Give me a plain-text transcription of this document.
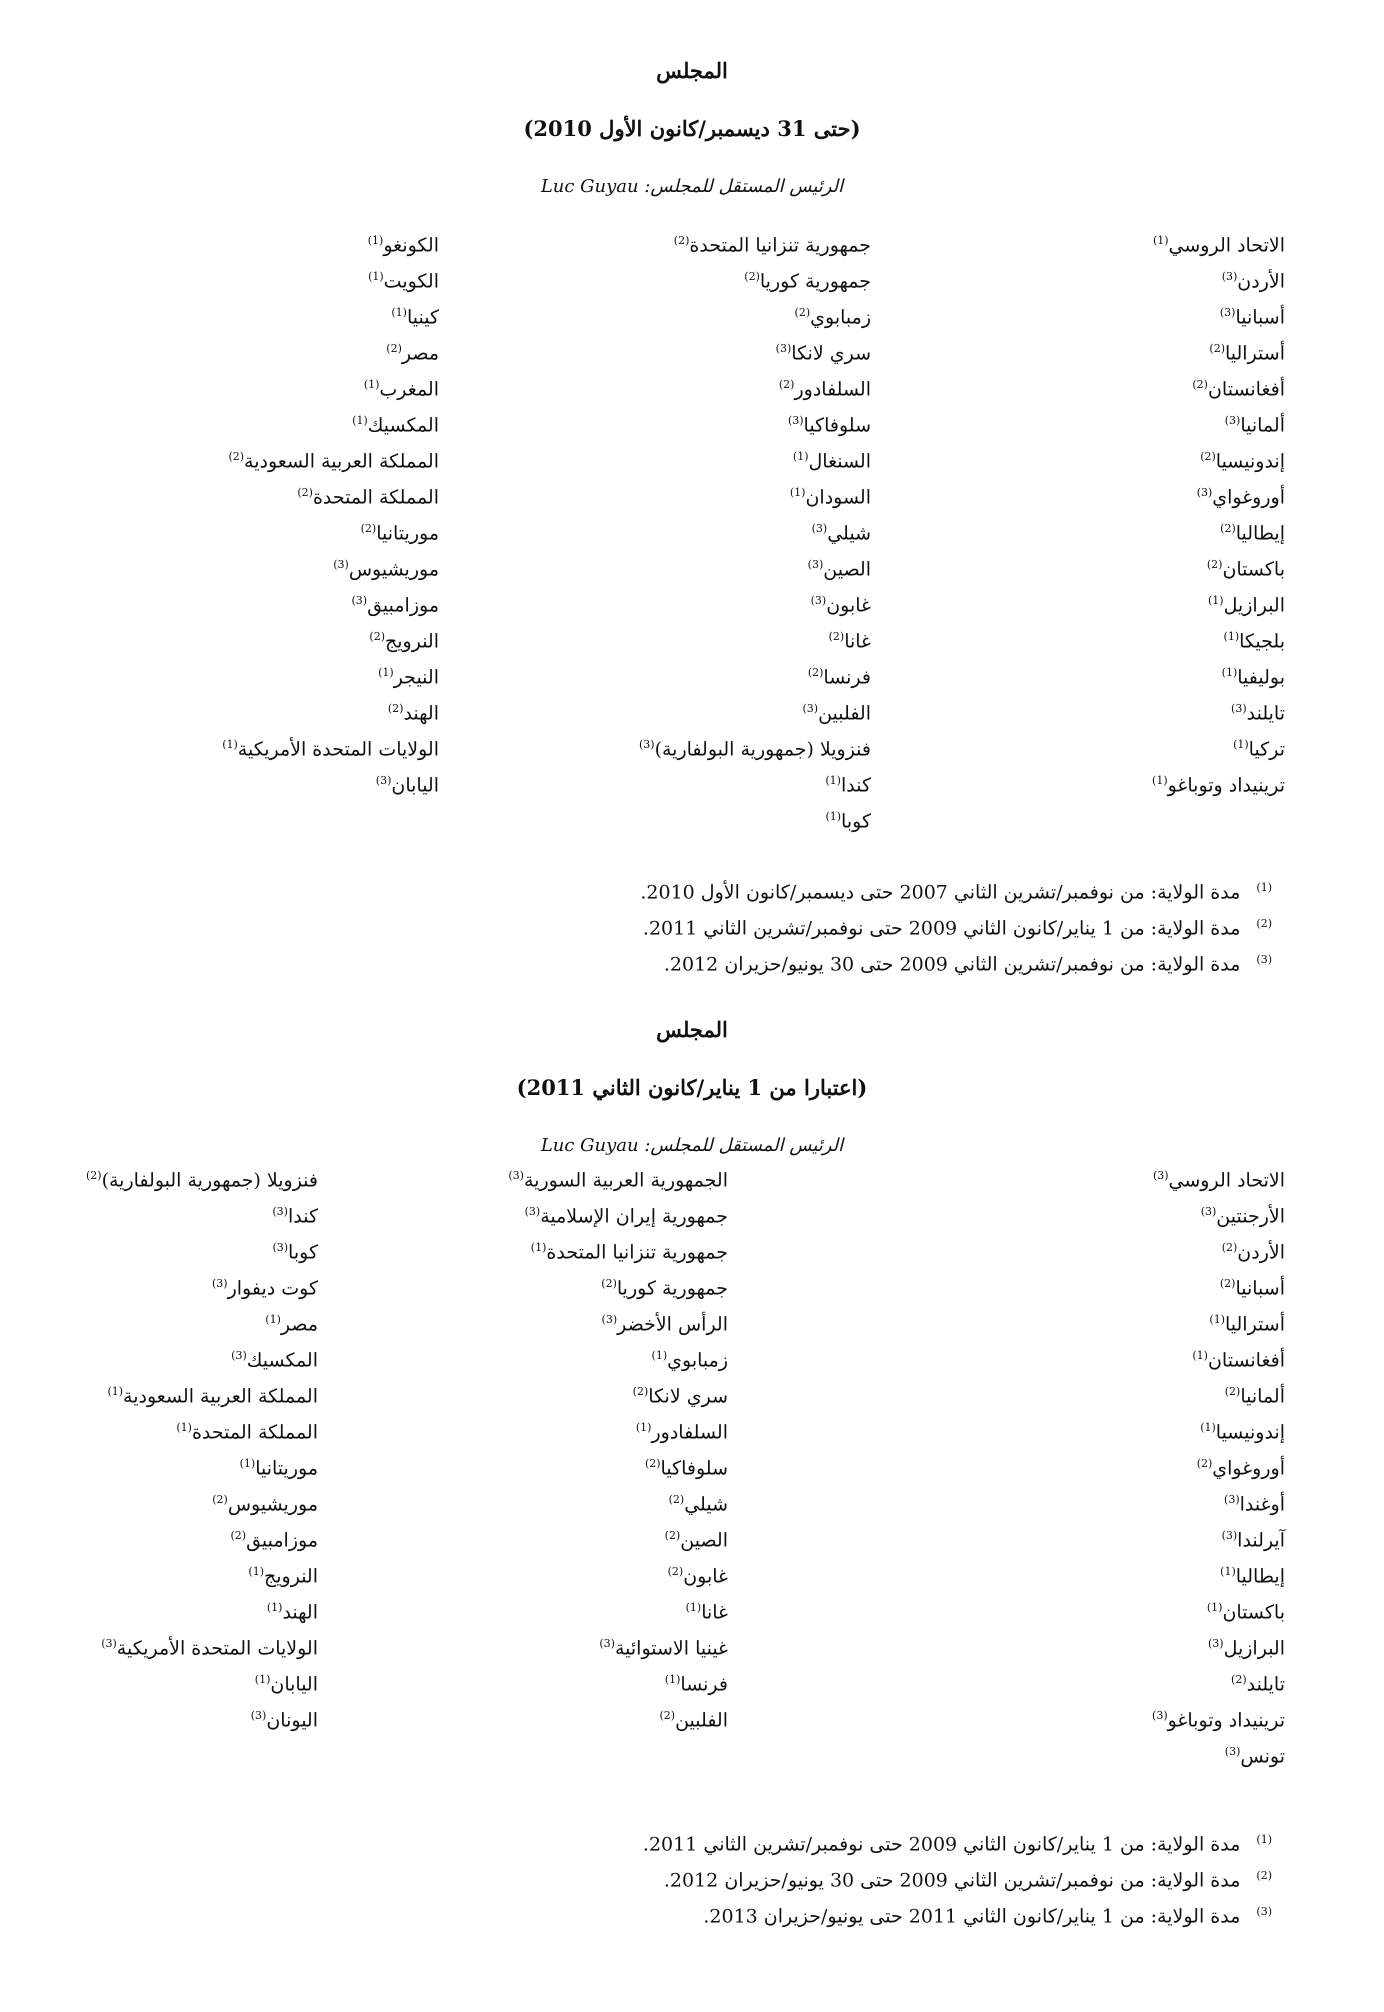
المجلس
(حتى 31 ديسمبر/كانون الأول 2010)
الرئيس المستقل للمجلس: Luc Guyau
الاتحاد الروسي$^{(1)}$
الأردن$^{(3)}$
أسبانيا$^{(3)}$
أستراليا$^{(2)}$
أفغانستان$^{(2)}$
ألمانيا$^{(3)}$
إندونيسيا$^{(2)}$
أوروغواي$^{(3)}$
إيطاليا$^{(2)}$
باكستان$^{(2)}$
البرازيل$^{(1)}$
بلجيكا$^{(1)}$
بوليفيا$^{(1)}$
تايلند$^{(3)}$
تركيا$^{(1)}$
ترينيداد وتوباغو$^{(1)}$
جمهورية تنزانيا المتحدة$^{(2)}$
جمهورية كوريا$^{(2)}$
زمبابوي$^{(2)}$
سري لانكا$^{(3)}$
السلفادور$^{(2)}$
سلوفاكيا$^{(3)}$
السنغال$^{(1)}$
السودان$^{(1)}$
شيلي$^{(3)}$
الصين$^{(3)}$
غابون$^{(3)}$
غانا$^{(2)}$
فرنسا$^{(2)}$
الفلبين$^{(3)}$
فنزويلا (جمهورية البولفارية)$^{(3)}$
كندا$^{(1)}$
كوبا$^{(1)}$
الكونغو$^{(1)}$
الكويت$^{(1)}$
كينيا$^{(1)}$
مصر$^{(2)}$
المغرب$^{(1)}$
المكسيك$^{(1)}$
المملكة العربية السعودية$^{(2)}$
المملكة المتحدة$^{(2)}$
موريتانيا$^{(2)}$
موريشيوس$^{(3)}$
موزامبيق$^{(3)}$
النرويج$^{(2)}$
النيجر$^{(1)}$
الهند$^{(2)}$
الولايات المتحدة الأمريكية$^{(1)}$
اليابان$^{(3)}$
$^{(1)}$مدة الولاية: من نوفمبر/تشرين الثاني 2007 حتى ديسمبر/كانون الأول 2010.
$^{(2)}$مدة الولاية: من 1 يناير/كانون الثاني 2009 حتى نوفمبر/تشرين الثاني 2011.
$^{(3)}$مدة الولاية: من نوفمبر/تشرين الثاني 2009 حتى 30 يونيو/حزيران 2012.
المجلس
(اعتبارا من 1 يناير/كانون الثاني 2011)
الرئيس المستقل للمجلس: Luc Guyau
الاتحاد الروسي$^{(3)}$
الأرجنتين$^{(3)}$
الأردن$^{(2)}$
أسبانيا$^{(2)}$
أستراليا$^{(1)}$
أفغانستان$^{(1)}$
ألمانيا$^{(2)}$
إندونيسيا$^{(1)}$
أوروغواي$^{(2)}$
أوغندا$^{(3)}$
آيرلندا$^{(3)}$
إيطاليا$^{(1)}$
باكستان$^{(1)}$
البرازيل$^{(3)}$
تايلند$^{(2)}$
ترينيداد وتوباغو$^{(3)}$
تونس$^{(3)}$
الجمهورية العربية السورية$^{(3)}$
جمهورية إيران الإسلامية$^{(3)}$
جمهورية تنزانيا المتحدة$^{(1)}$
جمهورية كوريا$^{(2)}$
الرأس الأخضر$^{(3)}$
زمبابوي$^{(1)}$
سري لانكا$^{(2)}$
السلفادور$^{(1)}$
سلوفاكيا$^{(2)}$
شيلي$^{(2)}$
الصين$^{(2)}$
غابون$^{(2)}$
غانا$^{(1)}$
غينيا الاستوائية$^{(3)}$
فرنسا$^{(1)}$
الفلبين$^{(2)}$
فنزويلا (جمهورية البولفارية)$^{(2)}$
كندا$^{(3)}$
كوبا$^{(3)}$
كوت ديفوار$^{(3)}$
مصر$^{(1)}$
المكسيك$^{(3)}$
المملكة العربية السعودية$^{(1)}$
المملكة المتحدة$^{(1)}$
موريتانيا$^{(1)}$
موريشيوس$^{(2)}$
موزامبيق$^{(2)}$
النرويج$^{(1)}$
الهند$^{(1)}$
الولايات المتحدة الأمريكية$^{(3)}$
اليابان$^{(1)}$
اليونان$^{(3)}$
$^{(1)}$مدة الولاية: من 1 يناير/كانون الثاني 2009 حتى نوفمبر/تشرين الثاني 2011.
$^{(2)}$مدة الولاية: من نوفمبر/تشرين الثاني 2009 حتى 30 يونيو/حزيران 2012.
$^{(3)}$مدة الولاية: من 1 يناير/كانون الثاني 2011 حتى يونيو/حزيران 2013.
